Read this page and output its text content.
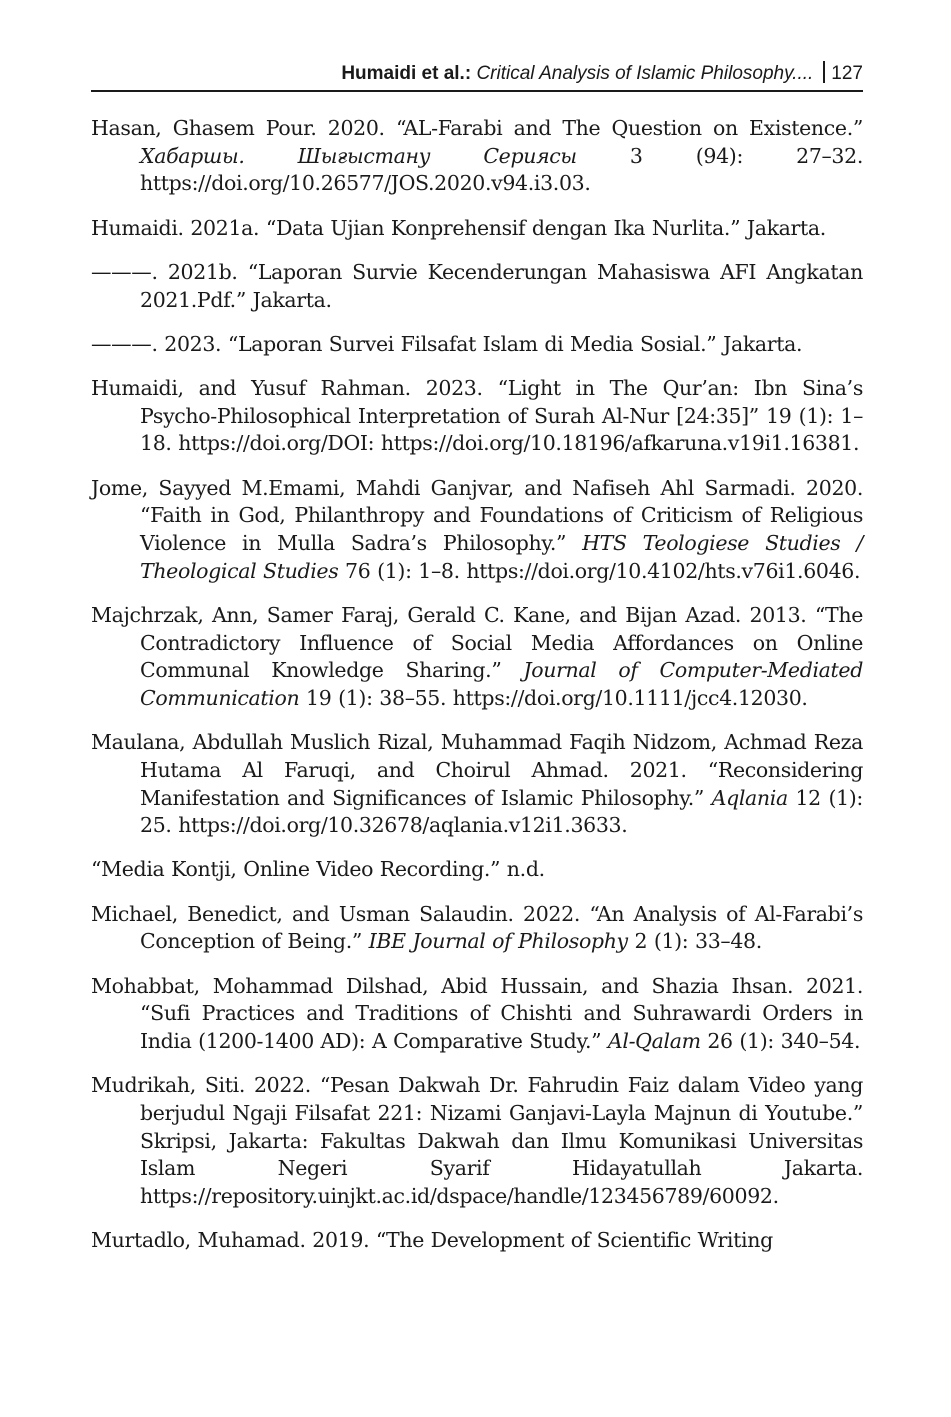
Humaidi et al.: Critical Analysis of Islamic Philosophy.... 127

Hasan, Ghasem Pour. 2020. “AL-Farabi and The Question on Existence.” Хабаршы. Шығыстану Сериясы 3 (94): 27–32. https://doi.org/10.26577/JOS.2020.v94.i3.03.

Humaidi. 2021a. “Data Ujian Konprehensif dengan Ika Nurlita.” Jakarta.

———. 2021b. “Laporan Survie Kecenderungan Mahasiswa AFI Angkatan 2021.Pdf.” Jakarta.

———. 2023. “Laporan Survei Filsafat Islam di Media Sosial.” Jakarta.

Humaidi, and Yusuf Rahman. 2023. “Light in The Qur’an: Ibn Sina’s Psycho-Philosophical Interpretation of Surah Al-Nur [24:35]” 19 (1): 1–18. https://doi.org/DOI: https://doi.org/10.18196/afkaruna.v19i1.16381.

Jome, Sayyed M.Emami, Mahdi Ganjvar, and Nafiseh Ahl Sarmadi. 2020. “Faith in God, Philanthropy and Foundations of Criticism of Religious Violence in Mulla Sadra’s Philosophy.” HTS Teologiese Studies / Theological Studies 76 (1): 1–8. https://doi.org/10.4102/hts.v76i1.6046.

Majchrzak, Ann, Samer Faraj, Gerald C. Kane, and Bijan Azad. 2013. “The Contradictory Influence of Social Media Affordances on Online Communal Knowledge Sharing.” Journal of Computer-Mediated Communication 19 (1): 38–55. https://doi.org/10.1111/jcc4.12030.

Maulana, Abdullah Muslich Rizal, Muhammad Faqih Nidzom, Achmad Reza Hutama Al Faruqi, and Choirul Ahmad. 2021. “Reconsidering Manifestation and Significances of Islamic Philosophy.” Aqlania 12 (1): 25. https://doi.org/10.32678/aqlania.v12i1.3633.

“Media Kontji, Online Video Recording.” n.d.

Michael, Benedict, and Usman Salaudin. 2022. “An Analysis of Al-Farabi’s Conception of Being.” IBE Journal of Philosophy 2 (1): 33–48.

Mohabbat, Mohammad Dilshad, Abid Hussain, and Shazia Ihsan. 2021. “Sufi Practices and Traditions of Chishti and Suhrawardi Orders in India (1200-1400 AD): A Comparative Study.” Al-Qalam 26 (1): 340–54.

Mudrikah, Siti. 2022. “Pesan Dakwah Dr. Fahrudin Faiz dalam Video yang berjudul Ngaji Filsafat 221: Nizami Ganjavi-Layla Majnun di Youtube.” Skripsi, Jakarta: Fakultas Dakwah dan Ilmu Komunikasi Universitas Islam Negeri Syarif Hidayatullah Jakarta. https://repository.uinjkt.ac.id/dspace/handle/123456789/60092.

Murtadlo, Muhamad. 2019. “The Development of Scientific Writing
